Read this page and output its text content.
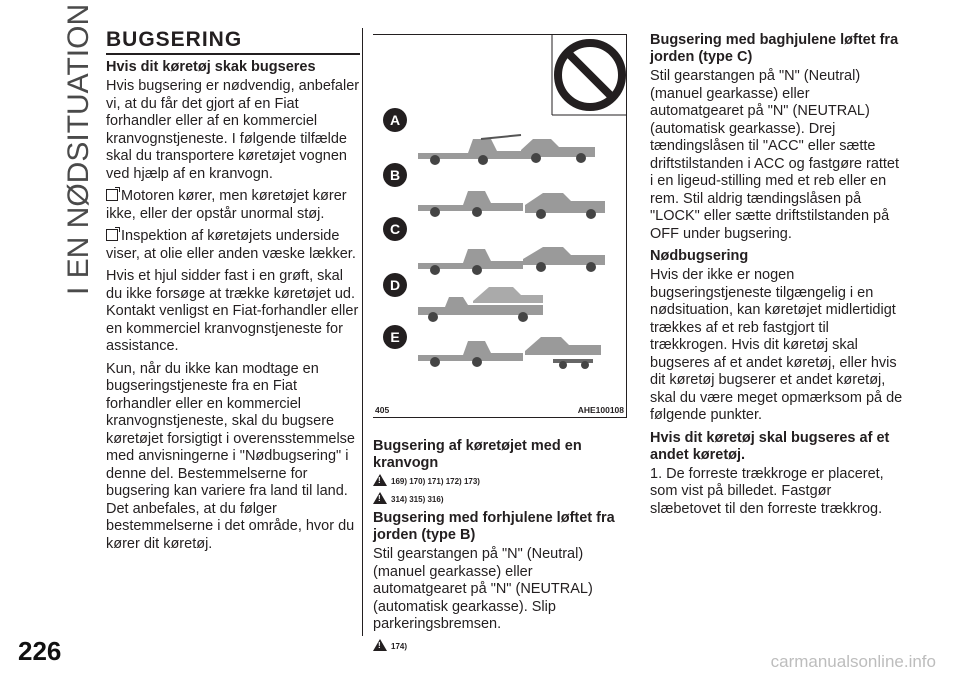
I EN NØDSITUATION
226	carmanualsonline.info
BUGSERING
Hvis dit køretøj skak bugseres

Hvis bugsering er nødvendig, anbefaler vi, at du får det gjort af en Fiat forhandler eller af en kommerciel kranvognstjeneste. I følgende tilfælde skal du transportere køretøjet vognen ved hjælp af en kranvogn.

Motoren kører, men køretøjet kører ikke, eller der opstår unormal støj.

Inspektion af køretøjets underside viser, at olie eller anden væske lækker.

Hvis et hjul sidder fast i en grøft, skal du ikke forsøge at trække køretøjet ud. Kontakt venligst en Fiat-forhandler eller en kommerciel kranvognstjeneste for assistance.

Kun, når du ikke kan modtage en bugseringstjeneste fra en Fiat forhandler eller en kommerciel kranvognstjeneste, skal du bugsere køretøjet forsigtigt i overensstemmelse med anvisningerne i "Nødbugsering" i denne del. Bestemmelserne for bugsering kan variere fra land til land. Det anbefales, at du følger bestemmelserne i det område, hvor du kører dit køretøj.

A
B
C
D
E
405	AHE100108
Bugsering af køretøjet med en kranvogn
!169) 170) 171) 172) 173)
!314) 315) 316)
Bugsering med forhjulene løftet fra jorden (type B)

Stil gearstangen på "N" (Neutral) (manuel gearkasse) eller automatgearet på "N" (NEUTRAL) (automatisk gearkasse). Slip parkeringsbremsen.

!174)
Bugsering med baghjulene løftet fra jorden (type C)

Stil gearstangen på "N" (Neutral) (manuel gearkasse) eller automatgearet på "N" (NEUTRAL) (automatisk gearkasse). Drej tændingslåsen til "ACC" eller sætte driftstilstanden i ACC og fastgøre rattet i en ligeud-stilling med et reb eller en rem. Stil aldrig tændingslåsen på "LOCK" eller sætte driftstilstanden på OFF under bugsering.

Nødbugsering

Hvis der ikke er nogen bugseringstjeneste tilgængelig i en nødsituation, kan køretøjet midlertidigt trækkes af et reb fastgjort til trækkrogen. Hvis dit køretøj skal bugseres af et andet køretøj, eller hvis dit køretøj bugserer et andet køretøj, skal du være meget opmærksom på de følgende punkter.

Hvis dit køretøj skal bugseres af et andet køretøj.

1. De forreste trækkroge er placeret, som vist på billedet. Fastgør slæbetovet til den forreste trækkrog.
